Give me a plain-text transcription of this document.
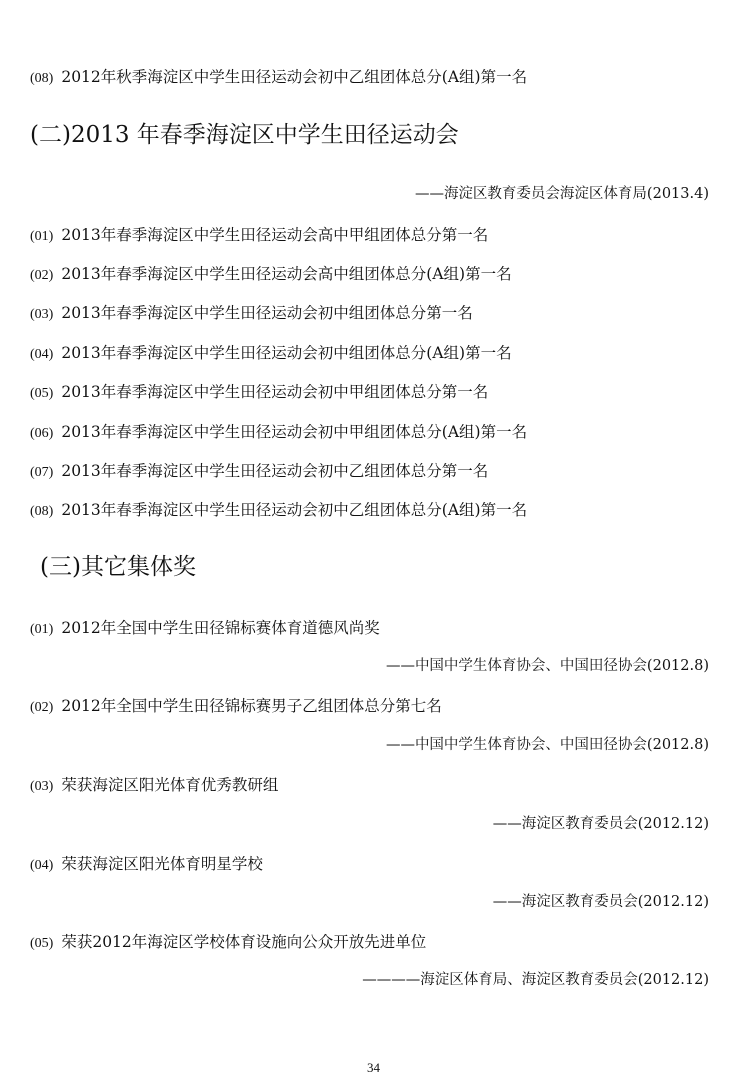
(08) 2012年秋季海淀区中学生田径运动会初中乙组团体总分(A组)第一名
(二)2013 年春季海淀区中学生田径运动会
——海淀区教育委员会海淀区体育局(2013.4)
(01) 2013年春季海淀区中学生田径运动会高中甲组团体总分第一名
(02) 2013年春季海淀区中学生田径运动会高中组团体总分(A组)第一名
(03) 2013年春季海淀区中学生田径运动会初中组团体总分第一名
(04) 2013年春季海淀区中学生田径运动会初中组团体总分(A组)第一名
(05) 2013年春季海淀区中学生田径运动会初中甲组团体总分第一名
(06) 2013年春季海淀区中学生田径运动会初中甲组团体总分(A组)第一名
(07) 2013年春季海淀区中学生田径运动会初中乙组团体总分第一名
(08) 2013年春季海淀区中学生田径运动会初中乙组团体总分(A组)第一名
(三)其它集体奖
(01) 2012年全国中学生田径锦标赛体育道德风尚奖
——中国中学生体育协会、中国田径协会(2012.8)
(02) 2012年全国中学生田径锦标赛男子乙组团体总分第七名
——中国中学生体育协会、中国田径协会(2012.8)
(03) 荣获海淀区阳光体育优秀教研组
——海淀区教育委员会(2012.12)
(04) 荣获海淀区阳光体育明星学校
——海淀区教育委员会(2012.12)
(05) 荣获2012年海淀区学校体育设施向公众开放先进单位
————海淀区体育局、海淀区教育委员会(2012.12)
34
